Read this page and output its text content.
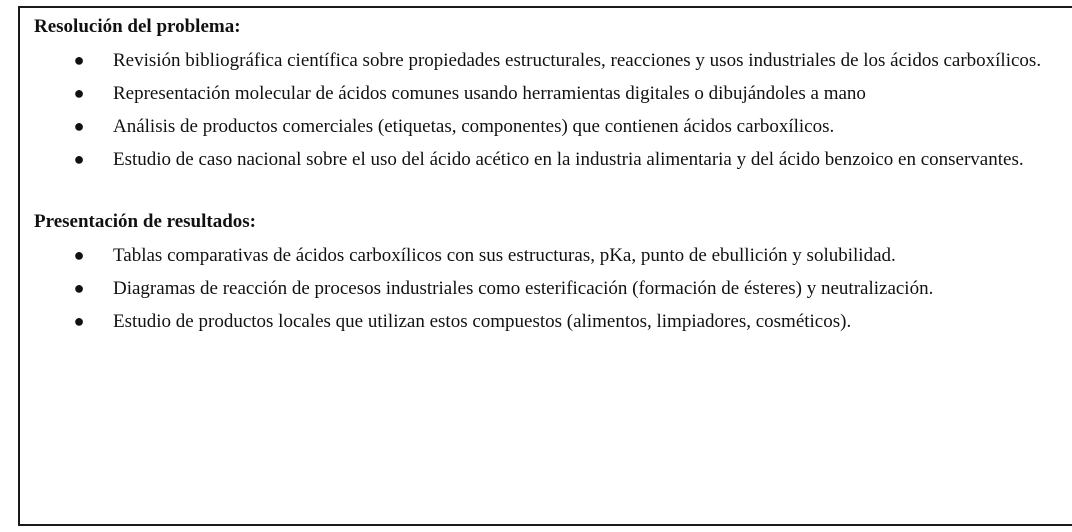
Resolución del problema:
● Revisión bibliográfica científica sobre propiedades estructurales, reacciones y usos industriales de los ácidos carboxílicos.
● Representación molecular de ácidos comunes usando herramientas digitales o dibujándoles a mano
● Análisis de productos comerciales (etiquetas, componentes) que contienen ácidos carboxílicos.
● Estudio de caso nacional sobre el uso del ácido acético en la industria alimentaria y del ácido benzoico en conservantes.
Presentación de resultados:
● Tablas comparativas de ácidos carboxílicos con sus estructuras, pKa, punto de ebullición y solubilidad.
● Diagramas de reacción de procesos industriales como esterificación (formación de ésteres) y neutralización.
● Estudio de productos locales que utilizan estos compuestos (alimentos, limpiadores, cosméticos).
